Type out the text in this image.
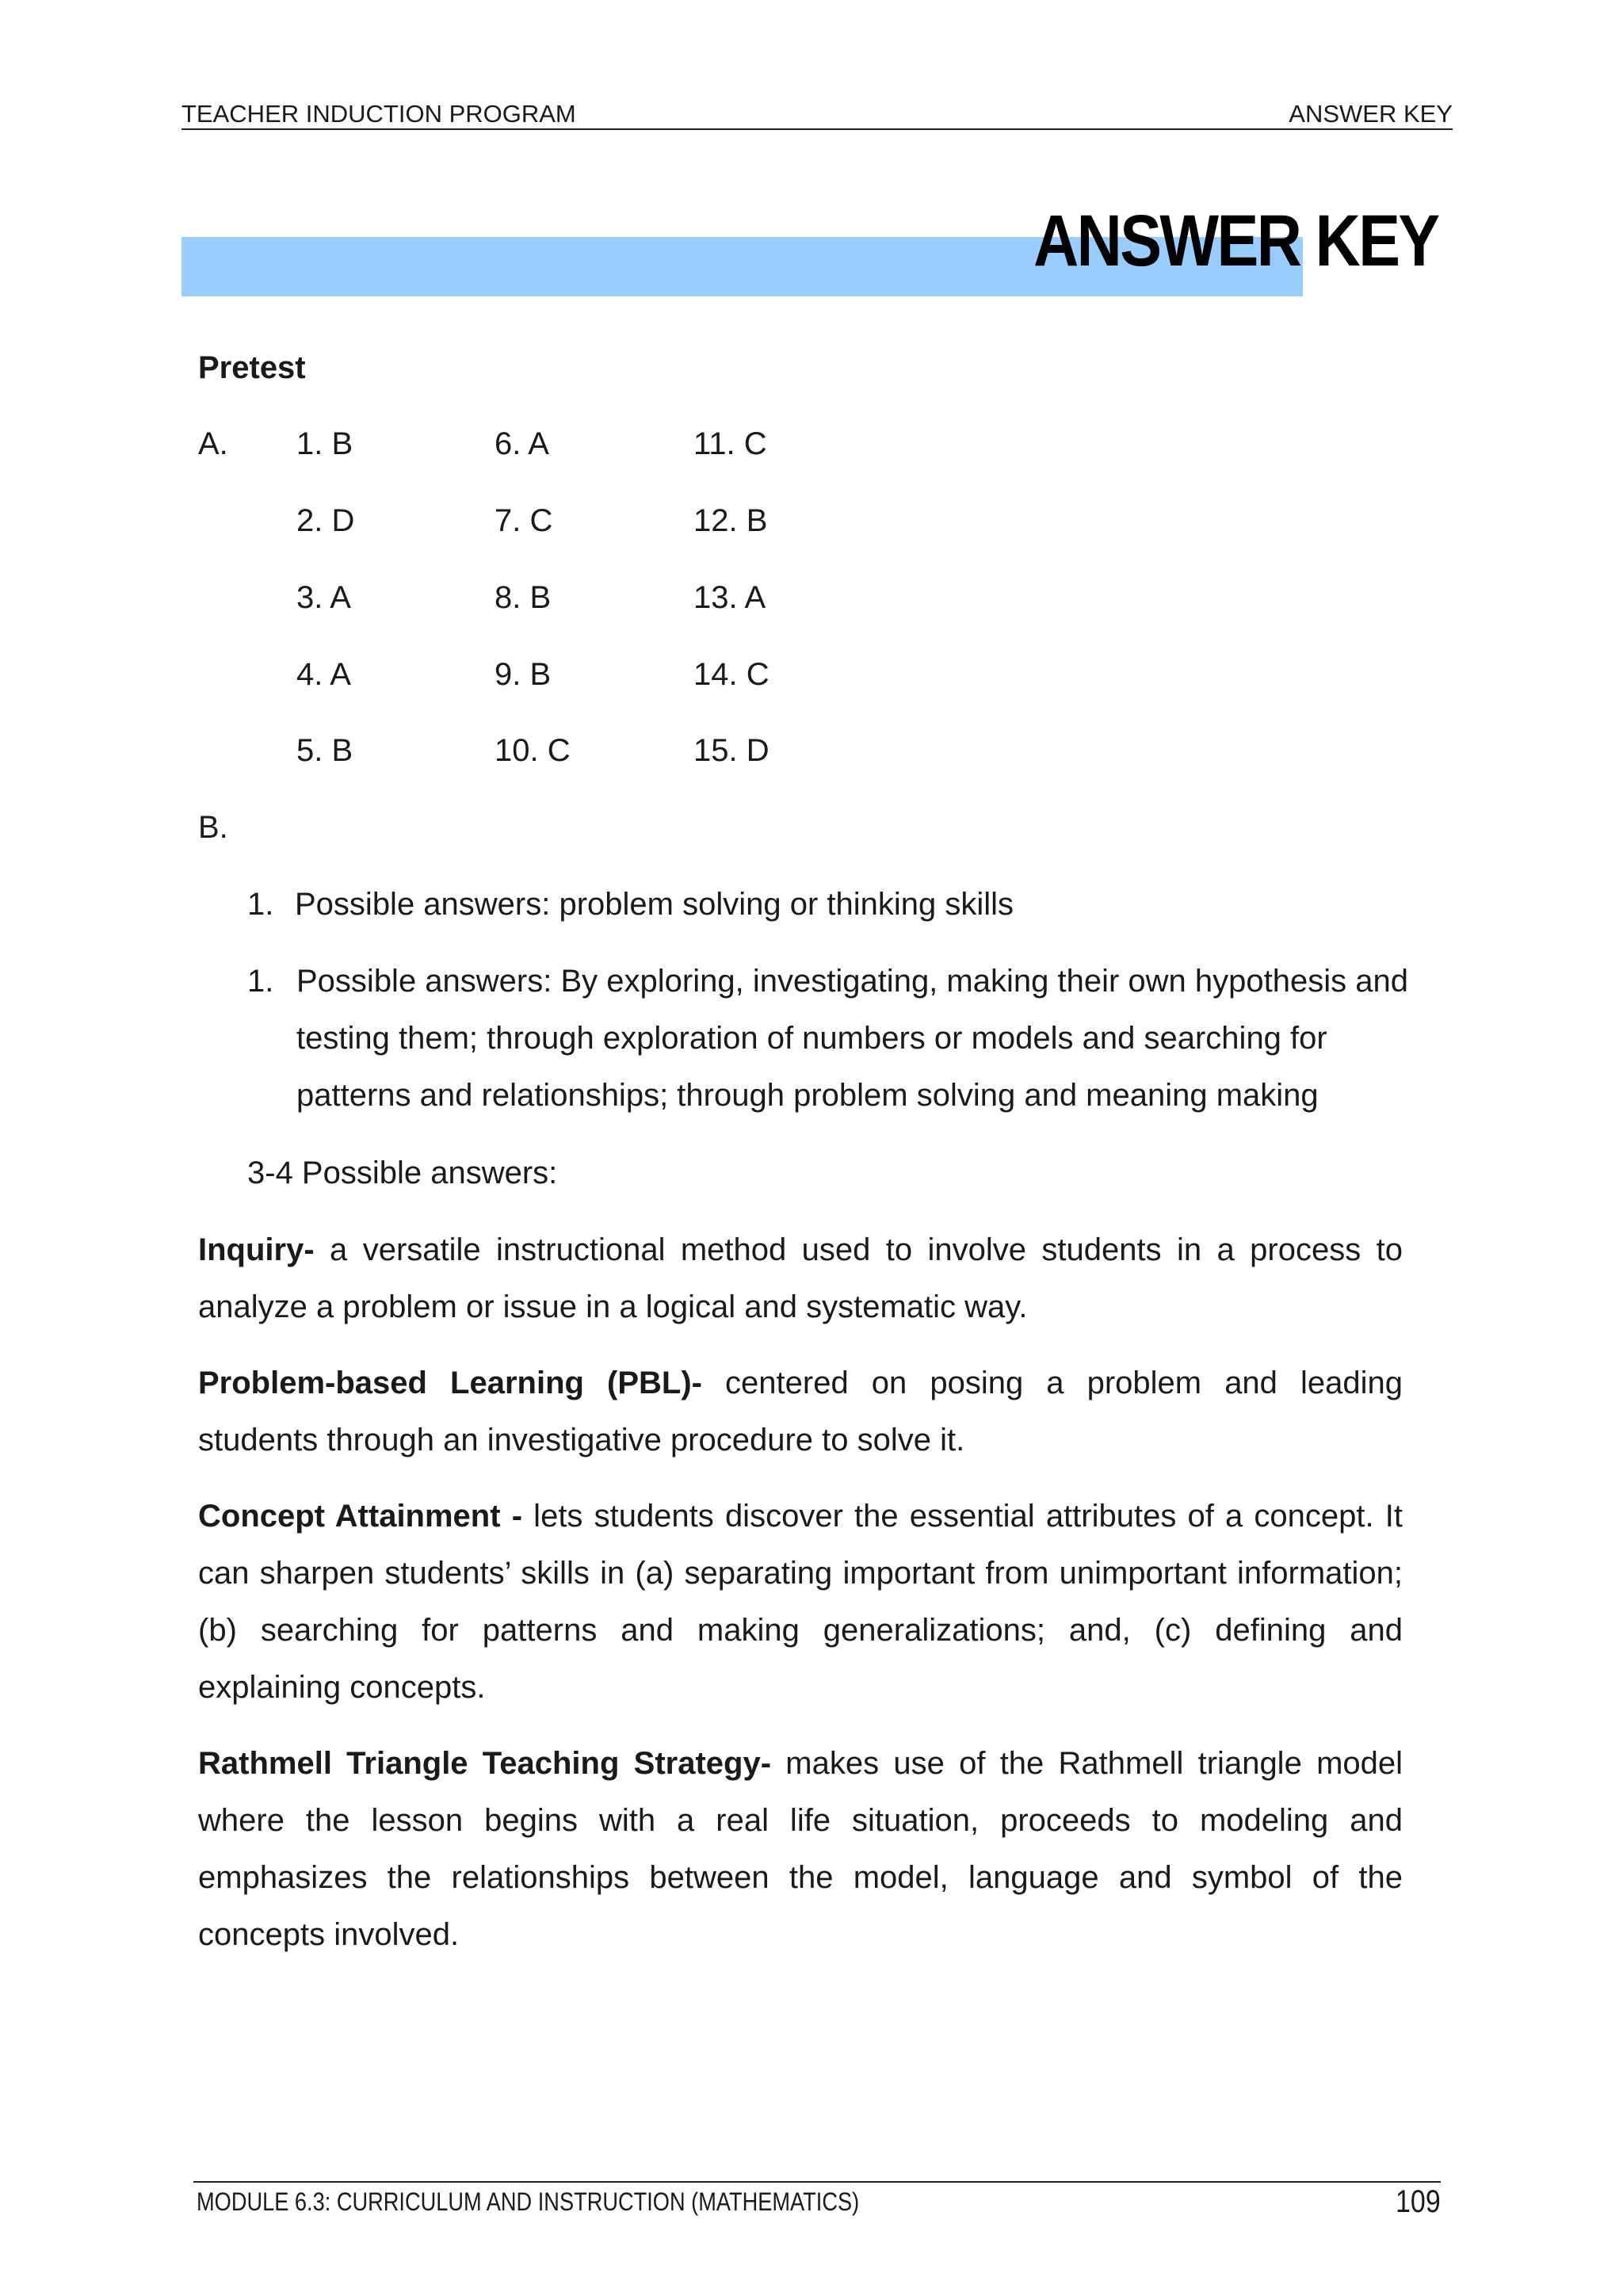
TEACHER INDUCTION PROGRAM	ANSWER KEY
ANSWER KEY
Pretest
A. 1. B
2. D
3. A
4. A
5. B
6. A
7. C
8. B
9. B
10. C
11. C
12. B
13. A
14. C
15. D
B.
1. Possible answers: problem solving or thinking skills
1. Possible answers: By exploring, investigating, making their own hypothesis and testing them; through exploration of numbers or models and searching for patterns and relationships; through problem solving and meaning making
3-4 Possible answers:
Inquiry- a versatile instructional method used to involve students in a process to analyze a problem or issue in a logical and systematic way.
Problem-based Learning (PBL)- centered on posing a problem and leading students through an investigative procedure to solve it.
Concept Attainment - lets students discover the essential attributes of a concept. It can sharpen students’ skills in (a) separating important from unimportant information; (b) searching for patterns and making generalizations; and, (c) defining and explaining concepts.
Rathmell Triangle Teaching Strategy- makes use of the Rathmell triangle model where the lesson begins with a real life situation, proceeds to modeling and emphasizes the relationships between the model, language and symbol of the concepts involved.
MODULE 6.3: CURRICULUM AND INSTRUCTION (MATHEMATICS)	109
